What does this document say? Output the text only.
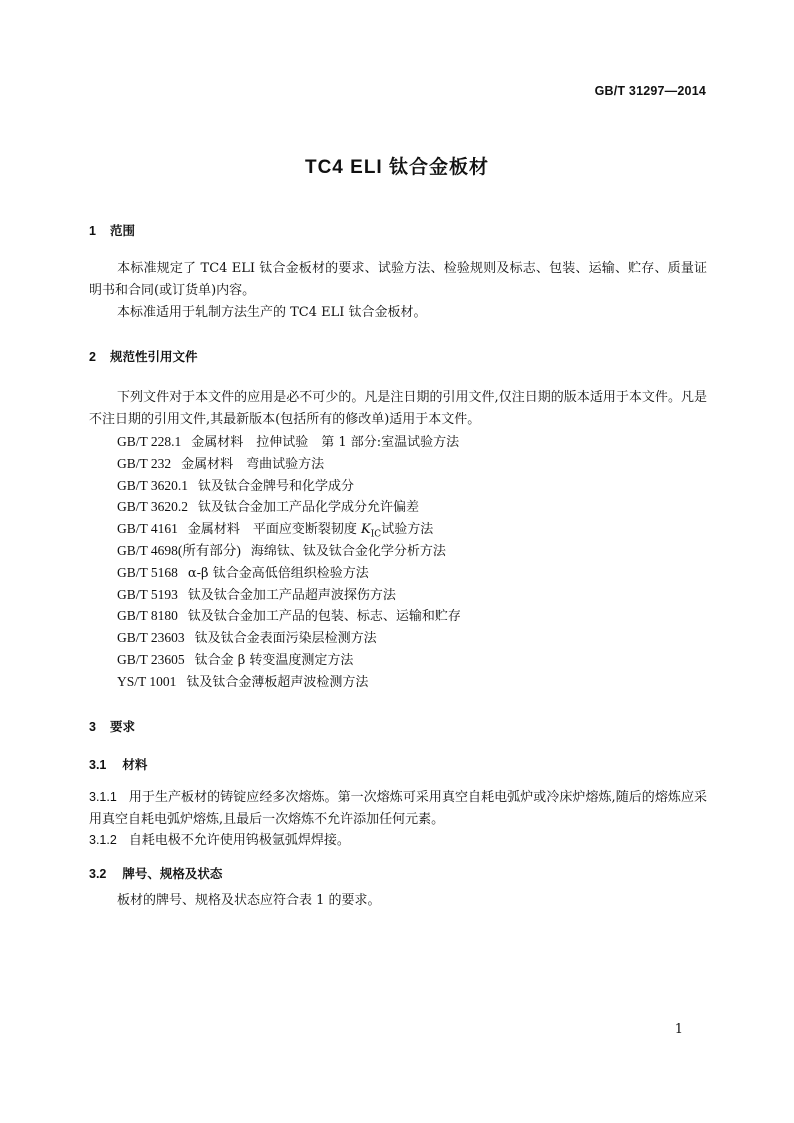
GB/T 31297—2014
TC4 ELI 钛合金板材
1 范围
本标准规定了 TC4 ELI 钛合金板材的要求、试验方法、检验规则及标志、包装、运输、贮存、质量证明书和合同(或订货单)内容。
本标准适用于轧制方法生产的 TC4 ELI 钛合金板材。
2 规范性引用文件
下列文件对于本文件的应用是必不可少的。凡是注日期的引用文件,仅注日期的版本适用于本文件。凡是不注日期的引用文件,其最新版本(包括所有的修改单)适用于本文件。
GB/T 228.1 金属材料　拉伸试验　第 1 部分:室温试验方法
GB/T 232 金属材料　弯曲试验方法
GB/T 3620.1 钛及钛合金牌号和化学成分
GB/T 3620.2 钛及钛合金加工产品化学成分允许偏差
GB/T 4161 金属材料　平面应变断裂韧度 $K_{IC}$试验方法
GB/T 4698(所有部分) 海绵钛、钛及钛合金化学分析方法
GB/T 5168 α-β 钛合金高低倍组织检验方法
GB/T 5193 钛及钛合金加工产品超声波探伤方法
GB/T 8180 钛及钛合金加工产品的包装、标志、运输和贮存
GB/T 23603 钛及钛合金表面污染层检测方法
GB/T 23605 钛合金 β 转变温度测定方法
YS/T 1001 钛及钛合金薄板超声波检测方法
3 要求
3.1 材料
3.1.1 用于生产板材的铸锭应经多次熔炼。第一次熔炼可采用真空自耗电弧炉或冷床炉熔炼,随后的熔炼应采用真空自耗电弧炉熔炼,且最后一次熔炼不允许添加任何元素。
3.1.2 自耗电极不允许使用钨极氩弧焊焊接。
3.2 牌号、规格及状态
板材的牌号、规格及状态应符合表 1 的要求。
1
